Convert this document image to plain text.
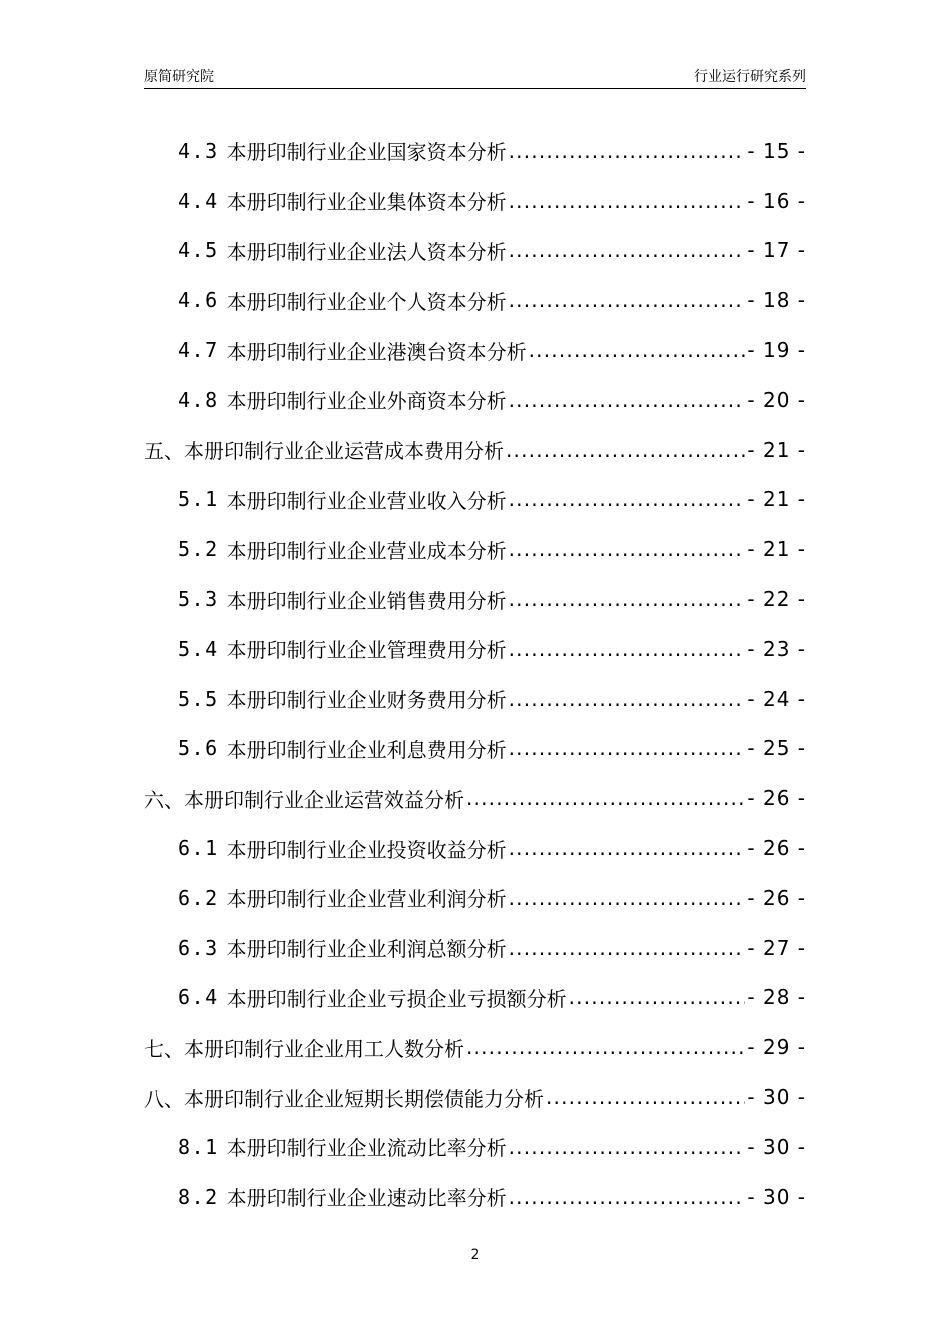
原简研究院	行业运行研究系列
4.3 本册印制行业企业国家资本分析 .....	- 15 -
4.4 本册印制行业企业集体资本分析 .....	- 16 -
4.5 本册印制行业企业法人资本分析 .....	- 17 -
4.6 本册印制行业企业个人资本分析 .....	- 18 -
4.7 本册印制行业企业港澳台资本分析 .....	- 19 -
4.8 本册印制行业企业外商资本分析 .....	- 20 -
五、本册印制行业企业运营成本费用分析 .....	- 21 -
5.1 本册印制行业企业营业收入分析 .....	- 21 -
5.2 本册印制行业企业营业成本分析 .....	- 21 -
5.3 本册印制行业企业销售费用分析 .....	- 22 -
5.4 本册印制行业企业管理费用分析 .....	- 23 -
5.5 本册印制行业企业财务费用分析 .....	- 24 -
5.6 本册印制行业企业利息费用分析 .....	- 25 -
六、本册印制行业企业运营效益分析 .....	- 26 -
6.1 本册印制行业企业投资收益分析 .....	- 26 -
6.2 本册印制行业企业营业利润分析 .....	- 26 -
6.3 本册印制行业企业利润总额分析 .....	- 27 -
6.4 本册印制行业企业亏损企业亏损额分析 .....	- 28 -
七、本册印制行业企业用工人数分析 .....	- 29 -
八、本册印制行业企业短期长期偿债能力分析 .....	- 30 -
8.1 本册印制行业企业流动比率分析 .....	- 30 -
8.2 本册印制行业企业速动比率分析 .....	- 30 -
2
